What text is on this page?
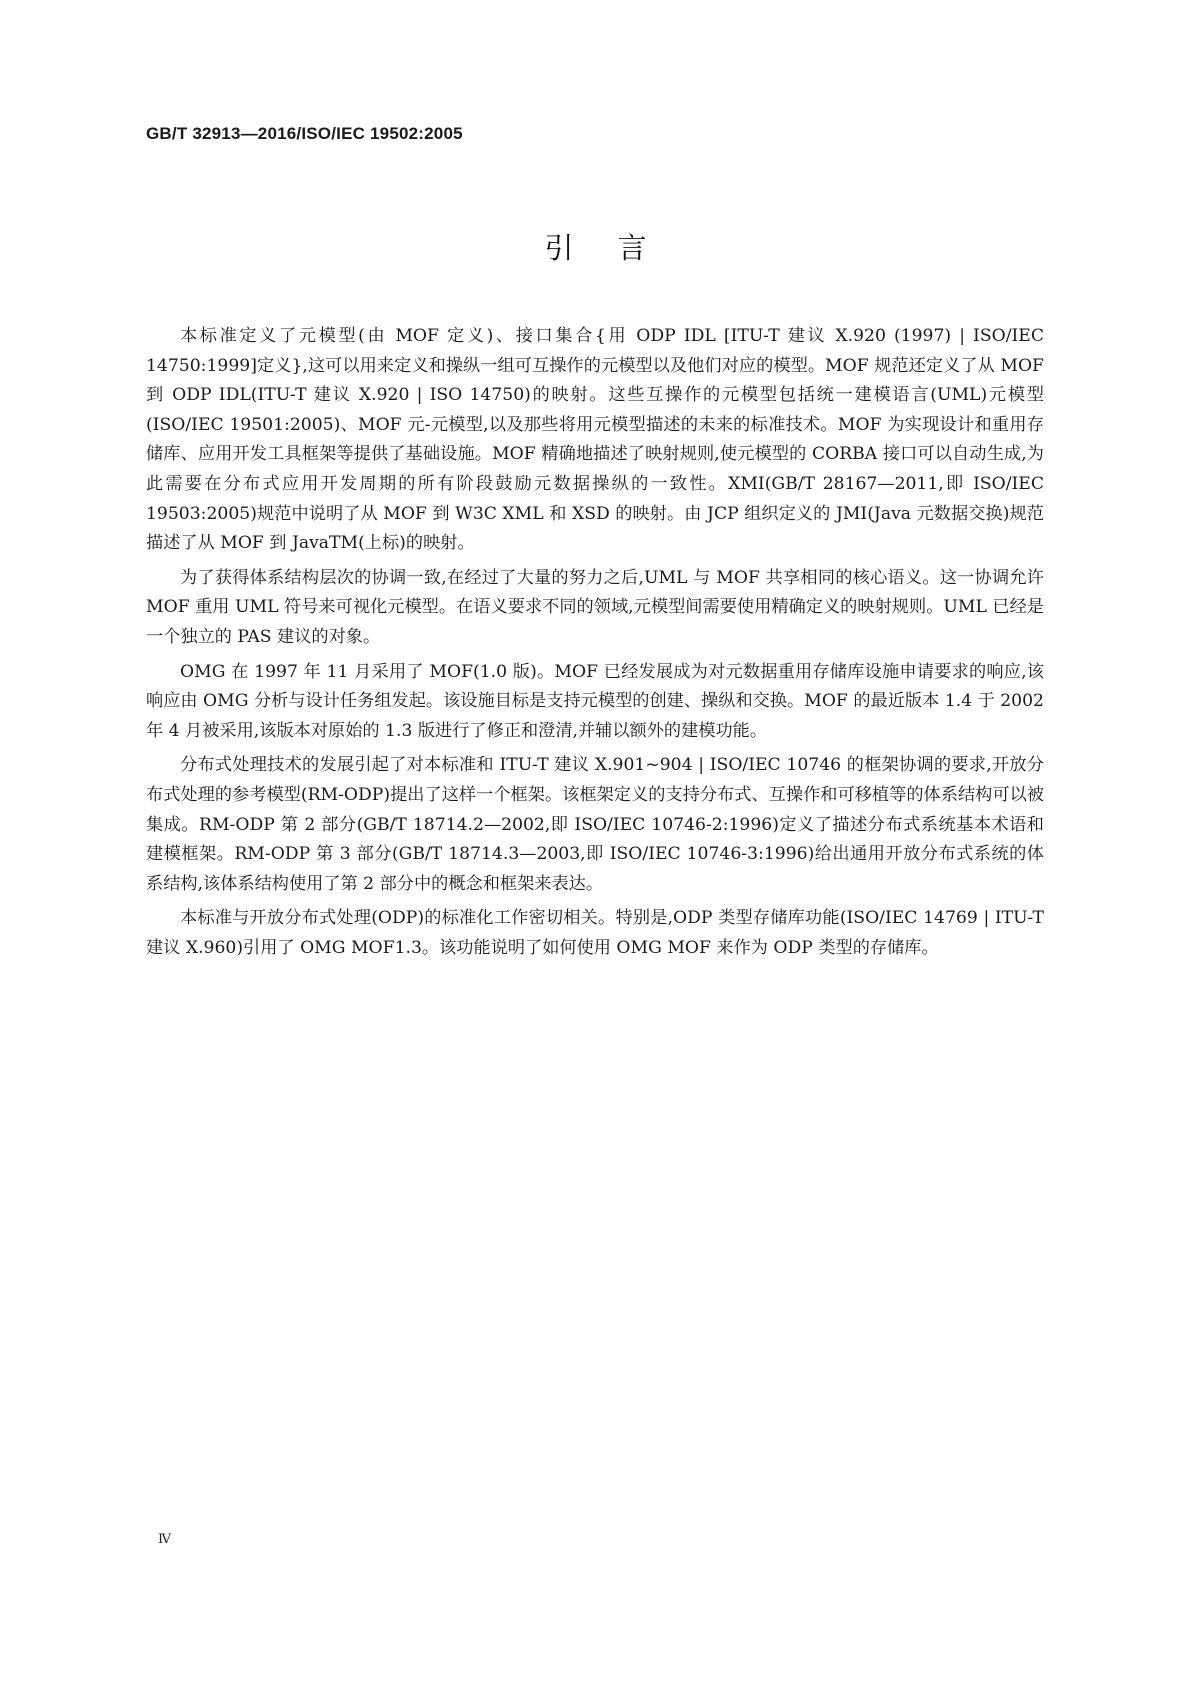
GB/T 32913—2016/ISO/IEC 19502:2005
引言

本标准定义了元模型(由 MOF 定义)、接口集合{用 ODP IDL [ITU-T 建议 X.920 (1997) | ISO/IEC 14750:1999]定义},这可以用来定义和操纵一组可互操作的元模型以及他们对应的模型。MOF 规范还定义了从 MOF 到 ODP IDL(ITU-T 建议 X.920 | ISO 14750)的映射。这些互操作的元模型包括统一建模语言(UML)元模型(ISO/IEC 19501:2005)、MOF 元-元模型,以及那些将用元模型描述的未来的标准技术。MOF 为实现设计和重用存储库、应用开发工具框架等提供了基础设施。MOF 精确地描述了映射规则,使元模型的 CORBA 接口可以自动生成,为此需要在分布式应用开发周期的所有阶段鼓励元数据操纵的一致性。XMI(GB/T 28167—2011,即 ISO/IEC 19503:2005)规范中说明了从 MOF 到 W3C XML 和 XSD 的映射。由 JCP 组织定义的 JMI(Java 元数据交换)规范描述了从 MOF 到 JavaTM(上标)的映射。

为了获得体系结构层次的协调一致,在经过了大量的努力之后,UML 与 MOF 共享相同的核心语义。这一协调允许 MOF 重用 UML 符号来可视化元模型。在语义要求不同的领域,元模型间需要使用精确定义的映射规则。UML 已经是一个独立的 PAS 建议的对象。

OMG 在 1997 年 11 月采用了 MOF(1.0 版)。MOF 已经发展成为对元数据重用存储库设施申请要求的响应,该响应由 OMG 分析与设计任务组发起。该设施目标是支持元模型的创建、操纵和交换。MOF 的最近版本 1.4 于 2002 年 4 月被采用,该版本对原始的 1.3 版进行了修正和澄清,并辅以额外的建模功能。

分布式处理技术的发展引起了对本标准和 ITU-T 建议 X.901~904 | ISO/IEC 10746 的框架协调的要求,开放分布式处理的参考模型(RM-ODP)提出了这样一个框架。该框架定义的支持分布式、互操作和可移植等的体系结构可以被集成。RM-ODP 第 2 部分(GB/T 18714.2—2002,即 ISO/IEC 10746-2:1996)定义了描述分布式系统基本术语和建模框架。RM-ODP 第 3 部分(GB/T 18714.3—2003,即 ISO/IEC 10746-3:1996)给出通用开放分布式系统的体系结构,该体系结构使用了第 2 部分中的概念和框架来表达。

本标准与开放分布式处理(ODP)的标准化工作密切相关。特别是,ODP 类型存储库功能(ISO/IEC 14769 | ITU-T 建议 X.960)引用了 OMG MOF1.3。该功能说明了如何使用 OMG MOF 来作为 ODP 类型的存储库。

Ⅳ
